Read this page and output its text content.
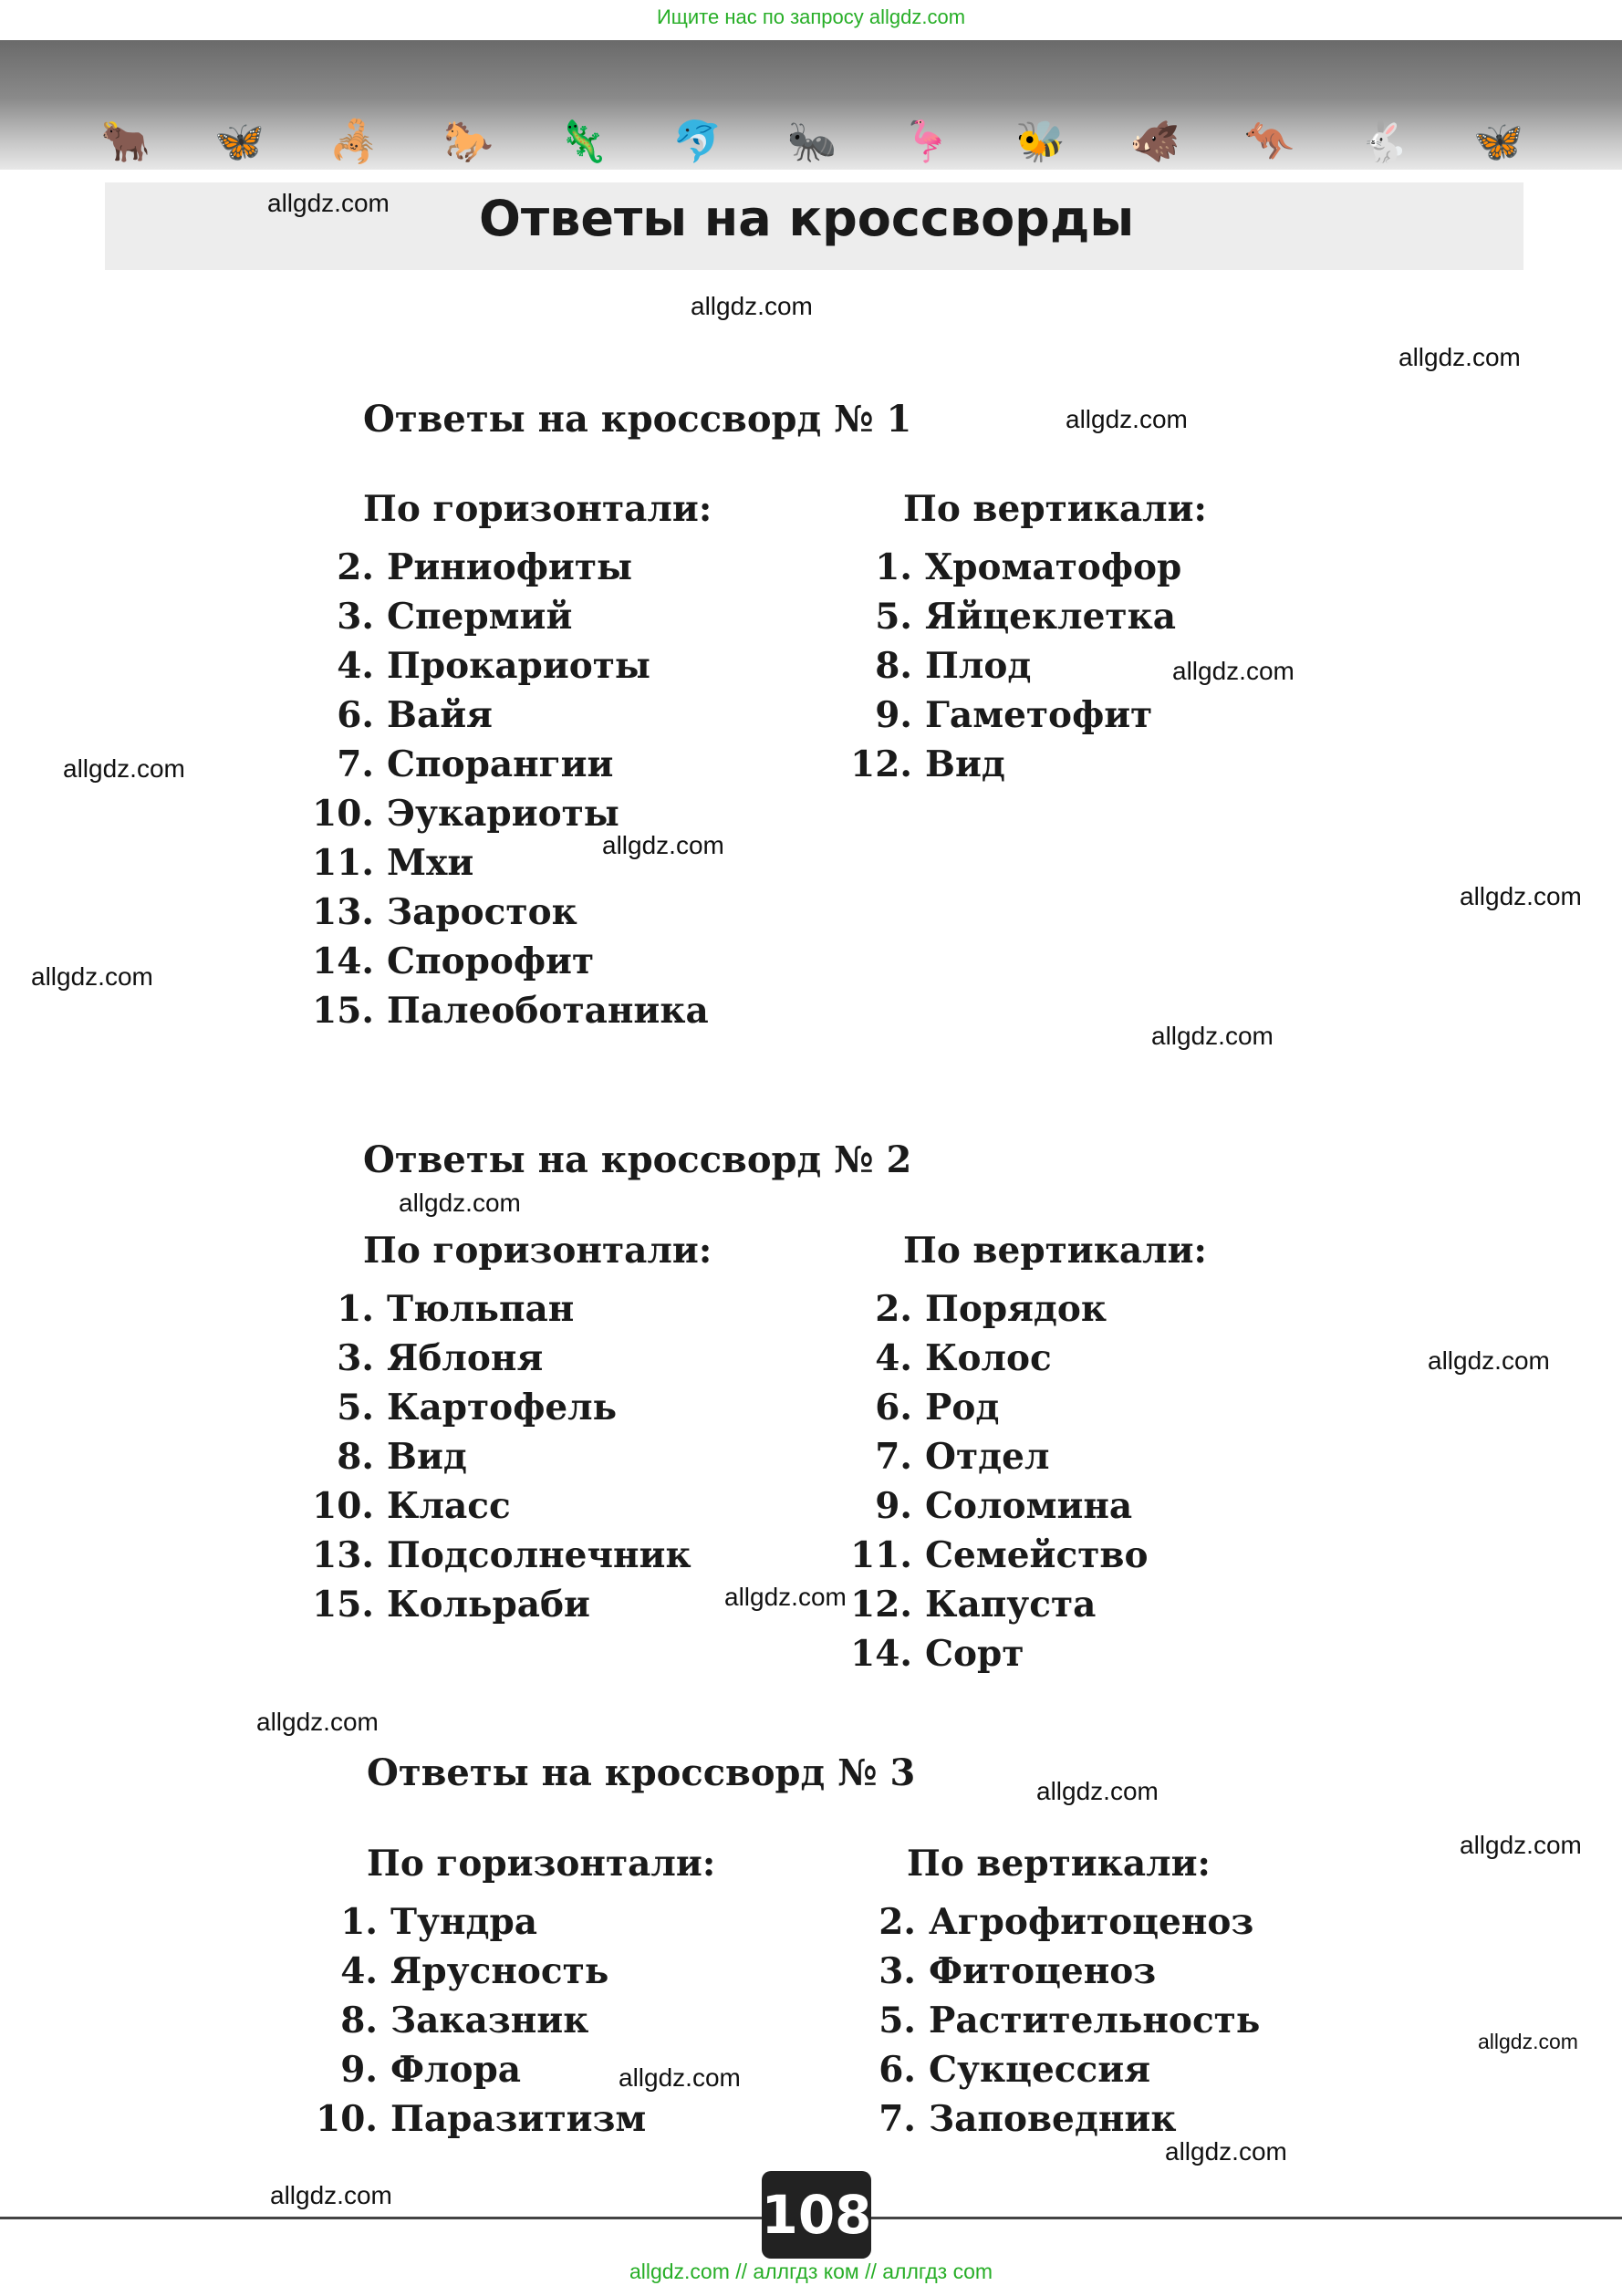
Ищите нас по запросу allgdz.com
🐂 🦋 🦂 🐎 🦎 🐬 🐜 🦩 🐝 🐗 🦘 🐇 🦋
Ответы на кроссворды
Ответы на кроссворд № 1
По горизонтали:	По вертикали:
2. Риниофиты
3. Спермий
4. Прокариоты
6. Вайя
7. Спорангии
10. Эукариоты
11. Мхи
13. Заросток
14. Спорофит
15. Палеоботаника
1. Хроматофор
5. Яйцеклетка
8. Плод
9. Гаметофит
12. Вид
Ответы на кроссворд № 2
По горизонтали:	По вертикали:
1. Тюльпан
3. Яблоня
5. Картофель
8. Вид
10. Класс
13. Подсолнечник
15. Кольраби
2. Порядок
4. Колос
6. Род
7. Отдел
9. Соломина
11. Семейство
12. Капуста
14. Сорт
Ответы на кроссворд № 3
По горизонтали:	По вертикали:
1. Тундра
4. Ярусность
8. Заказник
9. Флора
10. Паразитизм
2. Агрофитоценоз
3. Фитоценоз
5. Растительность
6. Сукцессия
7. Заповедник
allgdz.com
allgdz.com
allgdz.com
allgdz.com
allgdz.com
allgdz.com
allgdz.com
allgdz.com
allgdz.com
allgdz.com
allgdz.com
allgdz.com
allgdz.com
allgdz.com
allgdz.com
allgdz.com
allgdz.com
allgdz.com
allgdz.com
allgdz.com	108
allgdz.com // аллгдз ком // аллгдз com
